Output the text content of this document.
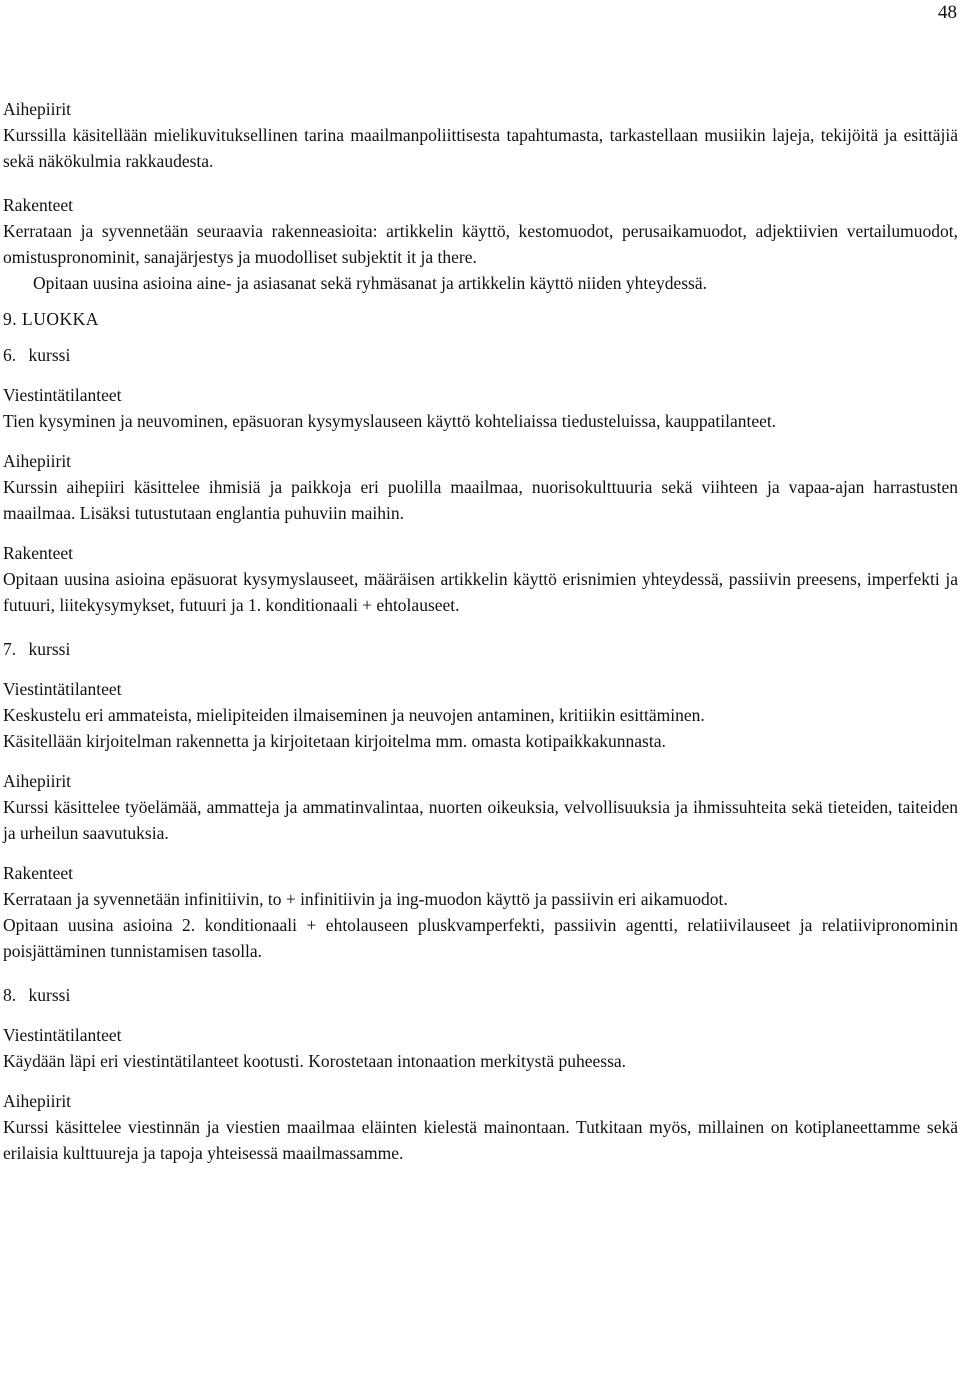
48

Aihepiirit

Kurssilla käsitellään mielikuvituksellinen tarina maailmanpoliittisesta tapahtumasta, tarkastellaan musiikin lajeja, tekijöitä ja esittäjiä sekä näkökulmia rakkaudesta.

Rakenteet

Kerrataan ja syvennetään seuraavia rakenneasioita: artikkelin käyttö, kestomuodot, perusaikamuodot, adjektiivien vertailumuodot, omistuspronominit, sanajärjestys ja muodolliset subjektit it ja there.

Opitaan uusina asioina aine- ja asiasanat sekä ryhmäsanat ja artikkelin käyttö niiden yhteydessä.

9. LUOKKA

6. kurssi

Viestintätilanteet

Tien kysyminen ja neuvominen, epäsuoran kysymyslauseen käyttö kohteliaissa tiedusteluissa, kauppatilanteet.

Aihepiirit

Kurssin aihepiiri käsittelee ihmisiä ja paikkoja eri puolilla maailmaa, nuorisokulttuuria sekä viihteen ja vapaa-ajan harrastusten maailmaa. Lisäksi tutustutaan englantia puhuviin maihin.

Rakenteet

Opitaan uusina asioina epäsuorat kysymyslauseet, määräisen artikkelin käyttö erisnimien yhteydessä, passiivin preesens, imperfekti ja futuuri, liitekysymykset, futuuri ja 1. konditionaali + ehtolauseet.

7. kurssi

Viestintätilanteet

Keskustelu eri ammateista, mielipiteiden ilmaiseminen ja neuvojen antaminen, kritiikin esittäminen.

Käsitellään kirjoitelman rakennetta ja kirjoitetaan kirjoitelma mm. omasta kotipaikkakunnasta.

Aihepiirit

Kurssi käsittelee työelämää, ammatteja ja ammatinvalintaa, nuorten oikeuksia, velvollisuuksia ja ihmissuhteita sekä tieteiden, taiteiden ja urheilun saavutuksia.

Rakenteet

Kerrataan ja syvennetään infinitiivin, to + infinitiivin ja ing-muodon käyttö ja passiivin eri aikamuodot.

Opitaan uusina asioina 2. konditionaali + ehtolauseen pluskvamperfekti, passiivin agentti, relatiivilauseet ja relatiivipronominin poisjättäminen tunnistamisen tasolla.

8. kurssi

Viestintätilanteet

Käydään läpi eri viestintätilanteet kootusti. Korostetaan intonaation merkitystä puheessa.

Aihepiirit

Kurssi käsittelee viestinnän ja viestien maailmaa eläinten kielestä mainontaan. Tutkitaan myös, millainen on kotiplaneettamme sekä erilaisia kulttuureja ja tapoja yhteisessä maailmassamme.
